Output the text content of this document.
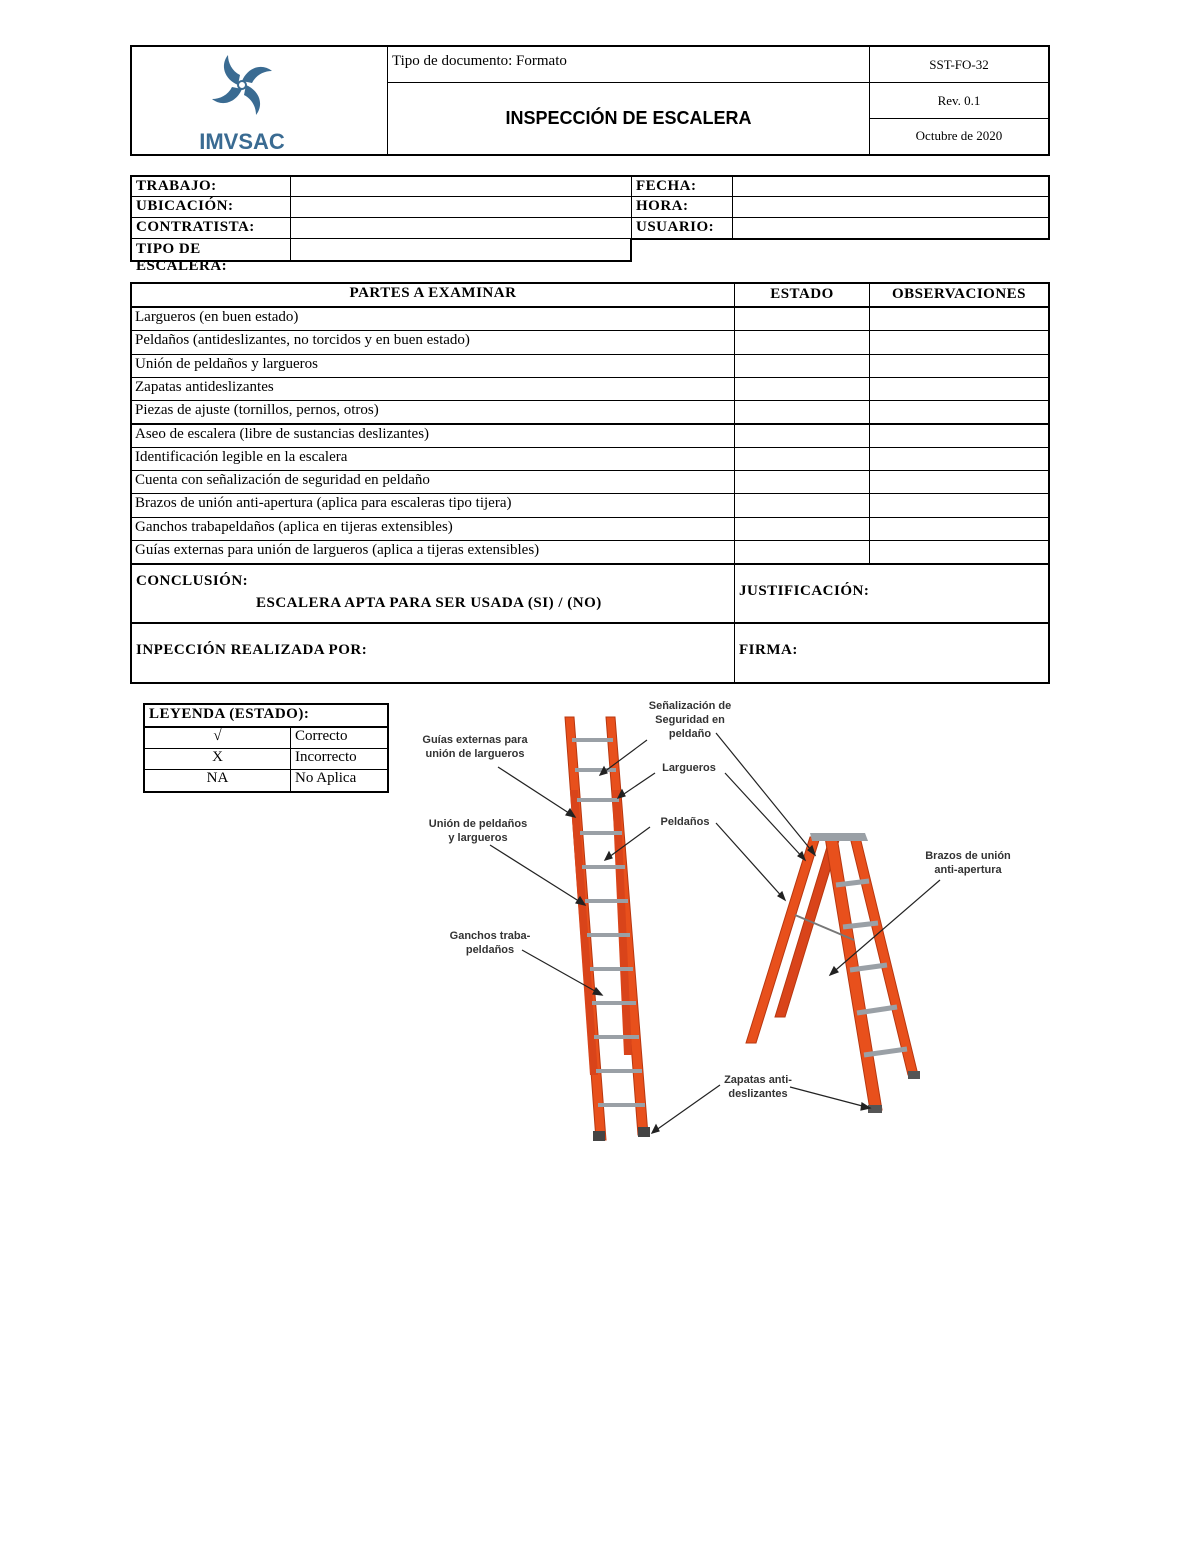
IMVSAC
Tipo de documento: Formato
INSPECCIÓN DE ESCALERA
SST-FO-32
Rev. 0.1
Octubre de 2020
TRABAJO:
UBICACIÓN:
CONTRATISTA:
TIPO DE ESCALERA:
FECHA:
HORA:
USUARIO:
PARTES A EXAMINAR	ESTADO	OBSERVACIONES
Largueros (en buen estado)
Peldaños (antideslizantes, no torcidos y en buen estado)
Unión de peldaños y largueros
Zapatas antideslizantes
Piezas de ajuste (tornillos, pernos, otros)
Aseo de escalera (libre de sustancias deslizantes)
Identificación legible en la escalera
Cuenta con señalización de seguridad en peldaño
Brazos de unión anti-apertura (aplica para escaleras tipo tijera)
Ganchos trabapeldaños (aplica en tijeras extensibles)
Guías externas para unión de largueros (aplica a tijeras extensibles)
CONCLUSIÓN:
ESCALERA APTA PARA SER USADA (SI) / (NO)
JUSTIFICACIÓN:
INPECCIÓN REALIZADA POR:	FIRMA:
LEYENDA (ESTADO):
√	Correcto
X	Incorrecto
NA	No Aplica
Guías externas para
unión de largueros
Señalización de
Seguridad en
peldaño
Largueros
Unión de peldaños
y largueros
Peldaños
Brazos de unión
anti-apertura
Ganchos traba-
peldaños
Zapatas anti-
deslizantes
